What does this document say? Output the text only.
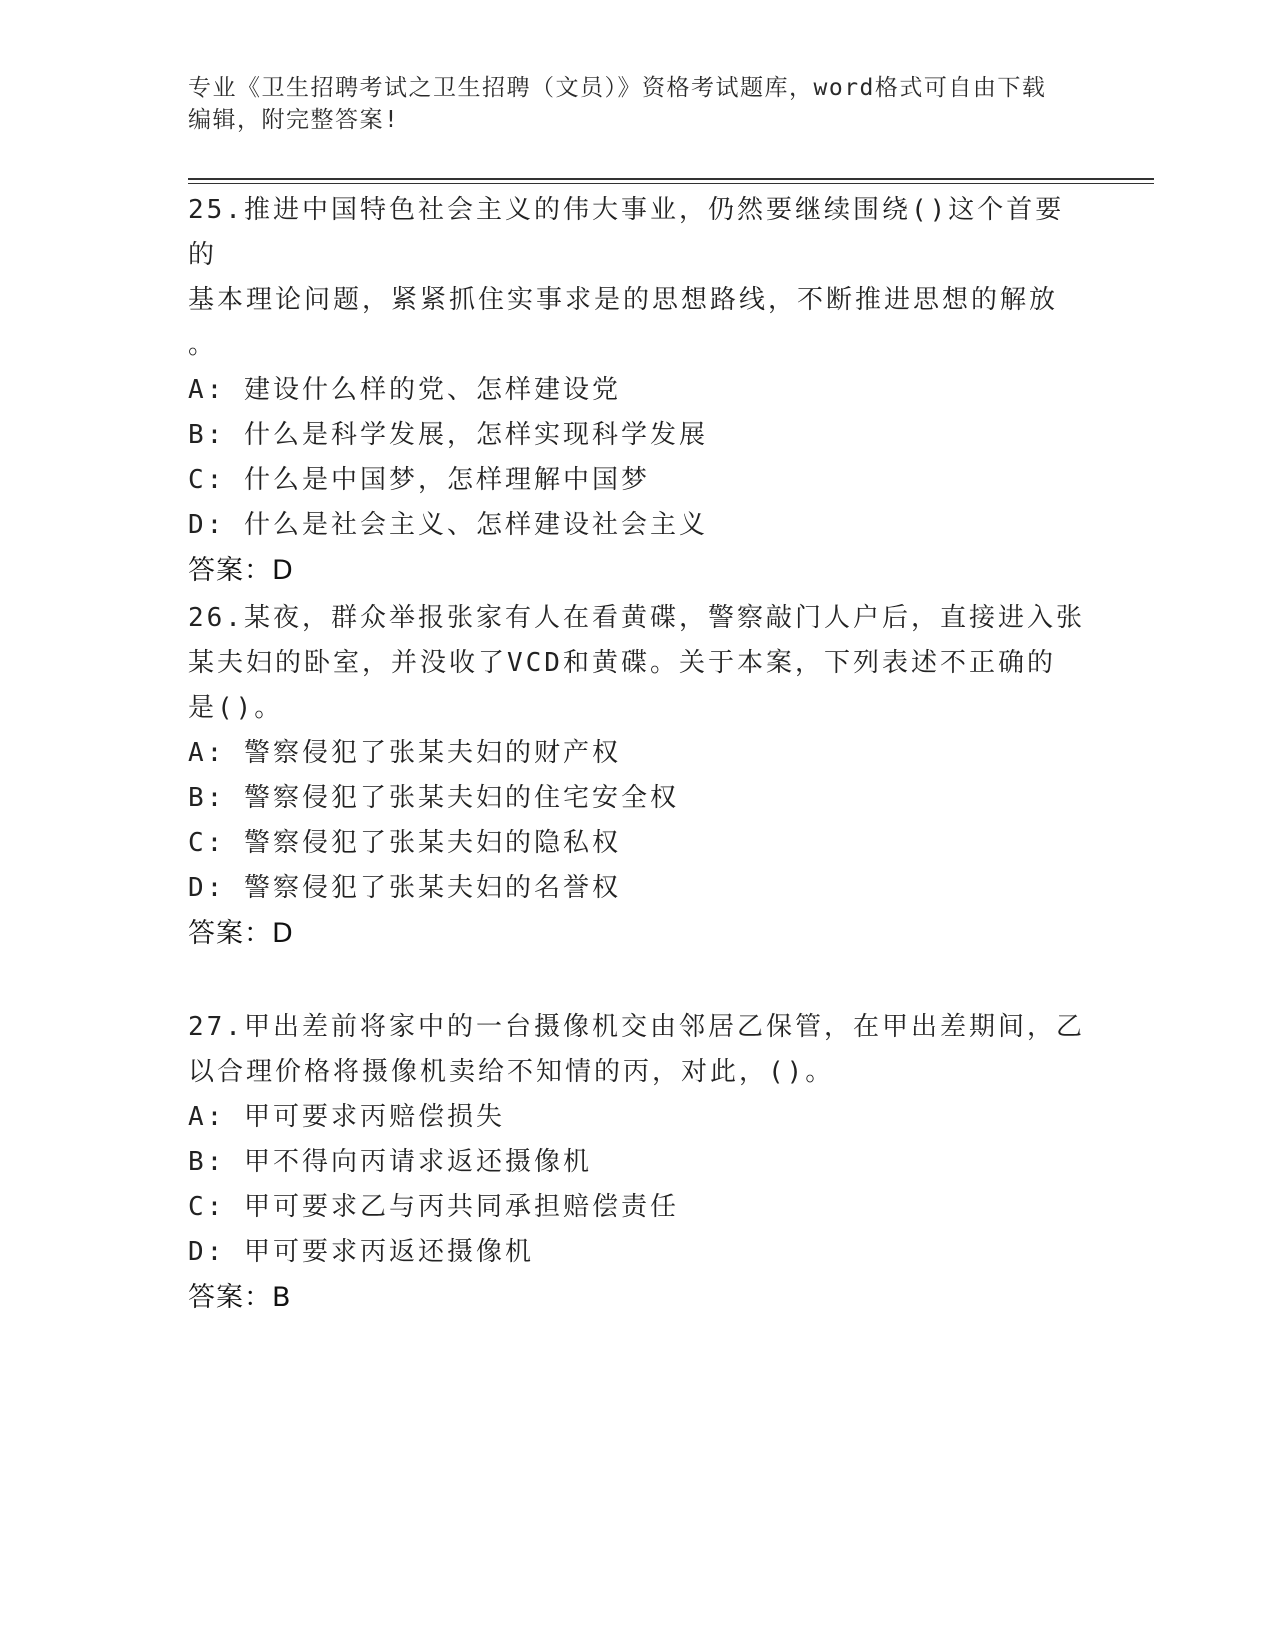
专业《卫生招聘考试之卫生招聘（文员）》资格考试题库，word格式可自由下载
编辑，附完整答案!
25.推进中国特色社会主义的伟大事业，仍然要继续围绕()这个首要的
基本理论问题，紧紧抓住实事求是的思想路线，不断推进思想的解放
。
A: 建设什么样的党、怎样建设党
B: 什么是科学发展，怎样实现科学发展
C: 什么是中国梦，怎样理解中国梦
D: 什么是社会主义、怎样建设社会主义
答案：D
26.某夜，群众举报张家有人在看黄碟，警察敲门人户后，直接进入张
某夫妇的卧室，并没收了VCD和黄碟。关于本案，下列表述不正确的
是()。
A: 警察侵犯了张某夫妇的财产权
B: 警察侵犯了张某夫妇的住宅安全权
C: 警察侵犯了张某夫妇的隐私权
D: 警察侵犯了张某夫妇的名誉权
答案：D
27.甲出差前将家中的一台摄像机交由邻居乙保管，在甲出差期间，乙
以合理价格将摄像机卖给不知情的丙，对此，()。
A: 甲可要求丙赔偿损失
B: 甲不得向丙请求返还摄像机
C: 甲可要求乙与丙共同承担赔偿责任
D: 甲可要求丙返还摄像机
答案：B
